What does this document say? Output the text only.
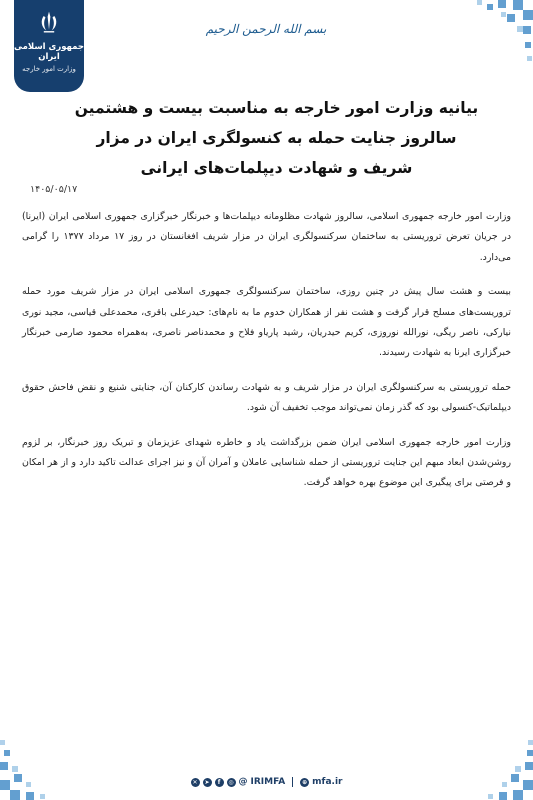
جمهوری اسلامی ایران
وزارت امور خارجه
بسم الله الرحمن الرحیم
بیانیه وزارت امور خارجه به مناسبت بیست و هشتمین سالروز جنایت حمله به کنسولگری ایران در مزار شریف و شهادت دیپلمات‌های ایرانی
۱۴۰۵/۰۵/۱۷

وزارت امور خارجه جمهوری اسلامی، سالروز شهادت مظلومانه دیپلمات‌ها و خبرنگار خبرگزاری جمهوری اسلامی ایران (ایرنا) در جریان تعرض تروریستی به ساختمان سرکنسولگری ایران در مزار شریف افغانستان در روز ۱۷ مرداد ۱۳۷۷ را گرامی می‌دارد.

بیست و هشت سال پیش در چنین روزی، ساختمان سرکنسولگری جمهوری اسلامی ایران در مزار شریف مورد حمله تروریست‌های مسلح قرار گرفت و هشت نفر از همکاران خدوم ما به نام‌های: حیدرعلی باقری، محمدعلی قیاسی، مجید نوری نیارکی، ناصر ریگی، نورالله نوروزی، کریم حیدریان، رشید پاریاو فلاح و محمدناصر ناصری، به‌همراه محمود صارمی خبرنگار خبرگزاری ایرنا به شهادت رسیدند.

حمله تروریستی به سرکنسولگری ایران در مزار شریف و به شهادت رساندن کارکنان آن، جنایتی شنیع و نقض فاحش حقوق دیپلماتیک-کنسولی بود که گذر زمان نمی‌تواند موجب تخفیف آن شود.

وزارت امور خارجه جمهوری اسلامی ایران ضمن بزرگداشت یاد و خاطره شهدای عزیزمان و تبریک روز خبرنگار، بر لزوم روشن‌شدن ابعاد مبهم این جنایت تروریستی از حمله شناسایی عاملان و آمران آن و نیز اجرای عدالت تاکید دارد و از هر امکان و فرصتی برای پیگیری این موضوع بهره خواهد گرفت.

✕	➤	f	◎ @ IRIMFA	⊕ mfa.ir
